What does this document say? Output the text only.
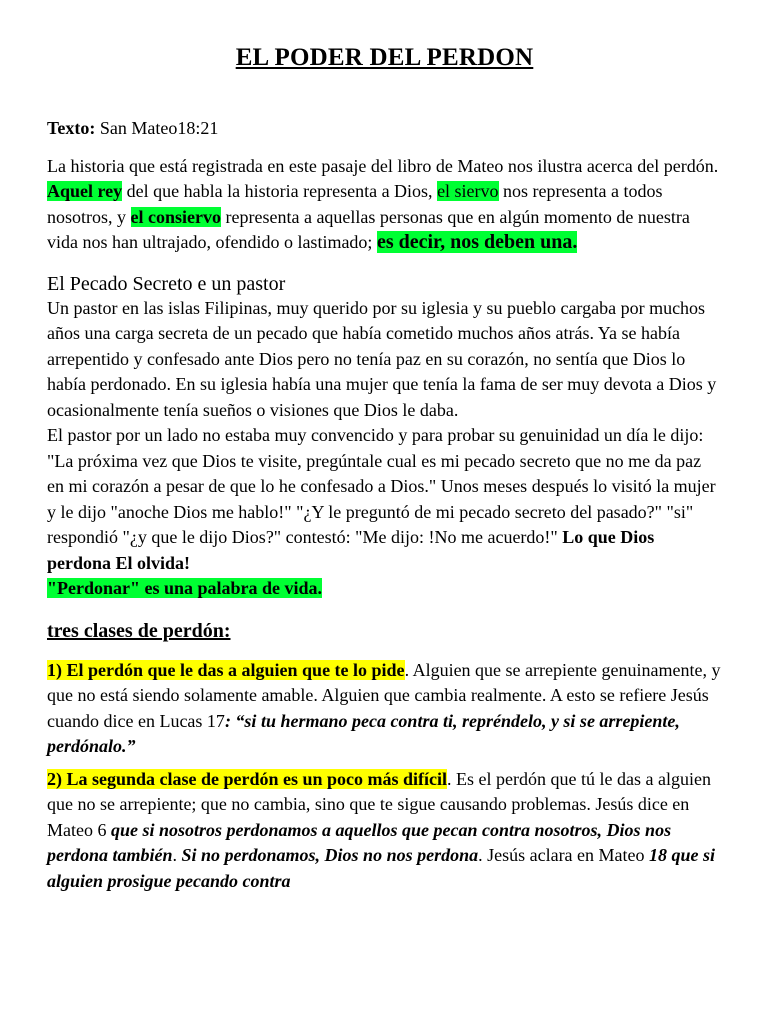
EL PODER DEL PERDON

Texto: San Mateo18:21

La historia que está registrada en este pasaje del libro de Mateo nos ilustra acerca del perdón. Aquel rey del que habla la historia representa a Dios, el siervo nos representa a todos nosotros, y el consiervo representa a aquellas personas que en algún momento de nuestra vida nos han ultrajado, ofendido o lastimado; es decir, nos deben una.

El Pecado Secreto e un pastor

Un pastor en las islas Filipinas, muy querido por su iglesia y su pueblo cargaba por muchos años una carga secreta de un pecado que había cometido muchos años atrás. Ya se había arrepentido y confesado ante Dios pero no tenía paz en su corazón, no sentía que Dios lo había perdonado. En su iglesia había una mujer que tenía la fama de ser muy devota a Dios y ocasionalmente tenía sueños o visiones que Dios le daba.

El pastor por un lado no estaba muy convencido y para probar su genuinidad un día le dijo: "La próxima vez que Dios te visite, pregúntale cual es mi pecado secreto que no me da paz en mi corazón a pesar de que lo he confesado a Dios." Unos meses después lo visitó la mujer y le dijo "anoche Dios me hablo!" "¿Y le preguntó de mi pecado secreto del pasado?" "si" respondió "¿y que le dijo Dios?" contestó: "Me dijo: !No me acuerdo!" Lo que Dios perdona El olvida!
"Perdonar" es una palabra de vida.

tres clases de perdón:

1) El perdón que le das a alguien que te lo pide. Alguien que se arrepiente genuinamente, y que no está siendo solamente amable. Alguien que cambia realmente. A esto se refiere Jesús cuando dice en Lucas 17: “si tu hermano peca contra ti, repréndelo, y si se arrepiente, perdónalo.”

2) La segunda clase de perdón es un poco más difícil. Es el perdón que tú le das a alguien que no se arrepiente; que no cambia, sino que te sigue causando problemas. Jesús dice en Mateo 6 que si nosotros perdonamos a aquellos que pecan contra nosotros, Dios nos perdona también. Si no perdonamos, Dios no nos perdona. Jesús aclara en Mateo 18 que si alguien prosigue pecando contra
